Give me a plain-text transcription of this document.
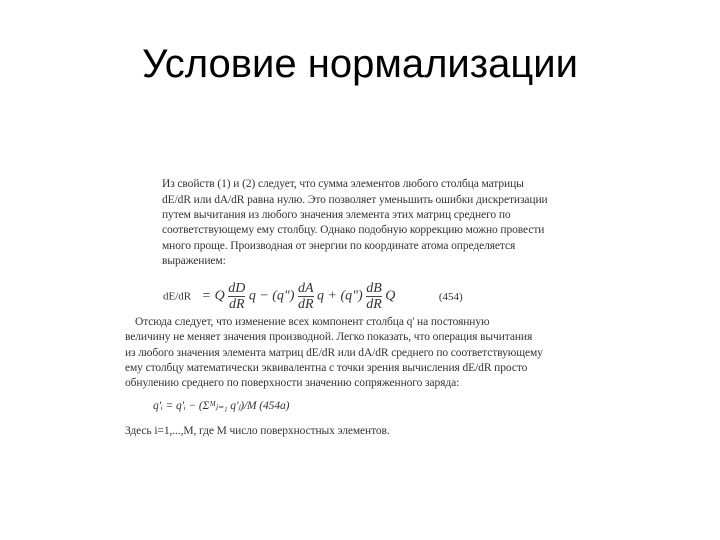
Условие нормализации
Из свойств (1) и (2) следует, что сумма элементов любого столбца матрицы
dE/dR или dA/dR равна нулю. Это позволяет уменьшить ошибки дискретизации
путем вычитания из любого значения элемента этих матриц среднего по
соответствующему ему столбцу. Однако подобную коррекцию можно провести
много проще. Производная от энергии по координате атома определяется
выражением:
dE/dR = Q $\frac{dD}{dR}$ q − (q") $\frac{dA}{dR}$ q + (q") $\frac{dB}{dR}$ Q	(454)
Отсюда следует, что изменение всех компонент столбца q' на постоянную
величину не меняет значения производной. Легко показать, что операция вычитания
из любого значения элемента матриц dE/dR или dA/dR среднего по соответствующему
ему столбцу математически эквивалентна с точки зрения вычисления dE/dR просто
обнулению среднего по поверхности значению сопряженного заряда:
q'ᵢ = q'ᵢ − (Σᴹⱼ₌₁ q'ⱼ)/M (454a)
Здесь i=1,...,M, где M число поверхностных элементов.
